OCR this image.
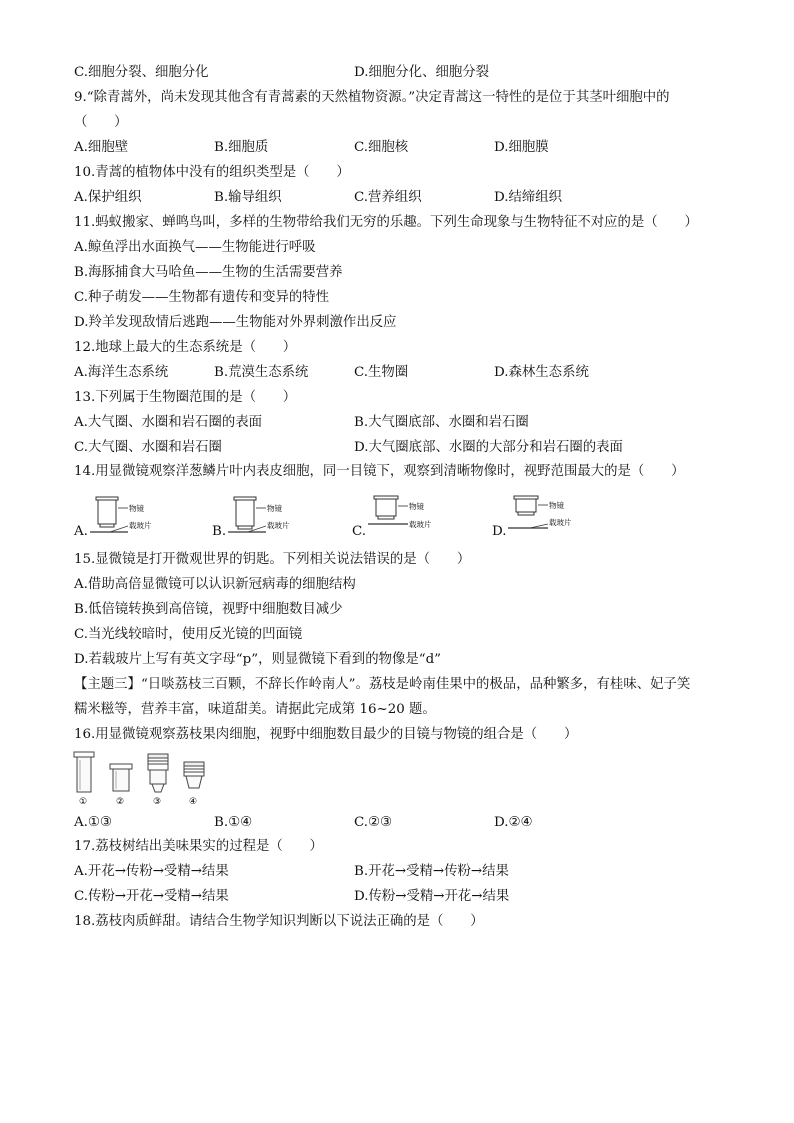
C.细胞分裂、细胞分化	D.细胞分化、细胞分裂
9.“除青蒿外，尚未发现其他含有青蒿素的天然植物资源。”决定青蒿这一特性的是位于其茎叶细胞中的
（　　）
A.细胞壁	B.细胞质	C.细胞核	D.细胞膜
10.青蒿的植物体中没有的组织类型是（　　）
A.保护组织	B.输导组织	C.营养组织	D.结缔组织
11.蚂蚁搬家、蝉鸣鸟叫，多样的生物带给我们无穷的乐趣。下列生命现象与生物特征不对应的是（　　）
A.鲸鱼浮出水面换气——生物能进行呼吸
B.海豚捕食大马哈鱼——生物的生活需要营养
C.种子萌发——生物都有遗传和变异的特性
D.羚羊发现敌情后逃跑——生物能对外界刺激作出反应
12.地球上最大的生态系统是（　　）
A.海洋生态系统	B.荒漠生态系统	C.生物圈	D.森林生态系统
13.下列属于生物圈范围的是（　　）
A.大气圈、水圈和岩石圈的表面	B.大气圈底部、水圈和岩石圈
C.大气圈、水圈和岩石圈	D.大气圈底部、水圈的大部分和岩石圈的表面
14.用显微镜观察洋葱鳞片叶内表皮细胞，同一目镜下，观察到清晰物像时，视野范围最大的是（　　）
A.
物镜
载玻片	B.
物镜
载玻片	C.
物镜
载玻片	D.
物镜
载玻片
15.显微镜是打开微观世界的钥匙。下列相关说法错误的是（　　）
A.借助高倍显微镜可以认识新冠病毒的细胞结构
B.低倍镜转换到高倍镜，视野中细胞数目减少
C.当光线较暗时，使用反光镜的凹面镜
D.若载玻片上写有英文字母“p”，则显微镜下看到的物像是“d”
【主题三】“日啖荔枝三百颗，不辞长作岭南人”。荔枝是岭南佳果中的极品，品种繁多，有桂味、妃子笑
糯米糍等，营养丰富，味道甜美。请据此完成第 16~20 题。
16.用显微镜观察荔枝果肉细胞，视野中细胞数目最少的目镜与物镜的组合是（　　）
①	②	③	④
A.①③	B.①④	C.②③	D.②④
17.荔枝树结出美味果实的过程是（　　）
A.开花→传粉→受精→结果	B.开花→受精→传粉→结果
C.传粉→开花→受精→结果	D.传粉→受精→开花→结果
18.荔枝肉质鲜甜。请结合生物学知识判断以下说法正确的是（　　）
